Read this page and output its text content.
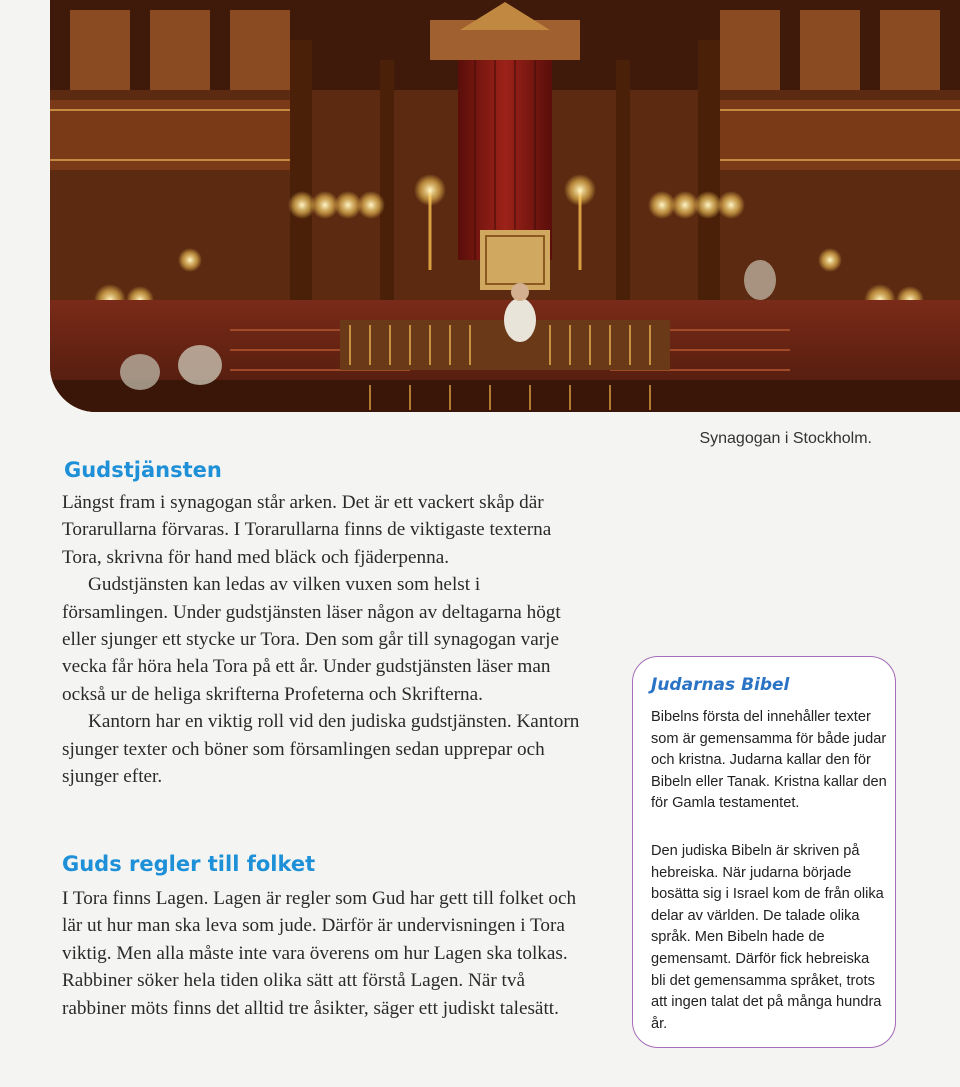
Synagogan i Stockholm.
Gudstjänsten

Längst fram i synagogan står arken. Det är ett vackert skåp där Torarullarna förvaras. I Torarullarna finns de viktigaste texterna Tora, skrivna för hand med bläck och fjäderpenna.

Gudstjänsten kan ledas av vilken vuxen som helst i församlingen. Under gudstjänsten läser någon av deltagarna högt eller sjunger ett stycke ur Tora. Den som går till synagogan varje vecka får höra hela Tora på ett år. Under gudstjänsten läser man också ur de heliga skrifterna Profeterna och Skrifterna.

Kantorn har en viktig roll vid den judiska gudstjänsten. Kantorn sjunger texter och böner som församlingen sedan upprepar och sjunger efter.

Guds regler till folket

I Tora finns Lagen. Lagen är regler som Gud har gett till folket och lär ut hur man ska leva som jude. Därför är undervisningen i Tora viktig. Men alla måste inte vara överens om hur Lagen ska tolkas. Rabbiner söker hela tiden olika sätt att förstå Lagen. När två rabbiner möts finns det alltid tre åsikter, säger ett judiskt talesätt.

Judarnas Bibel

Bibelns första del innehåller texter som är gemensamma för både judar och kristna. Judarna kallar den för Bibeln eller Tanak. Kristna kallar den för Gamla testamentet.

Den judiska Bibeln är skriven på hebreiska. När judarna började bosätta sig i Israel kom de från olika delar av världen. De talade olika språk. Men Bibeln hade de gemensamt. Därför fick hebreiska bli det gemensamma språket, trots att ingen talat det på många hundra år.
